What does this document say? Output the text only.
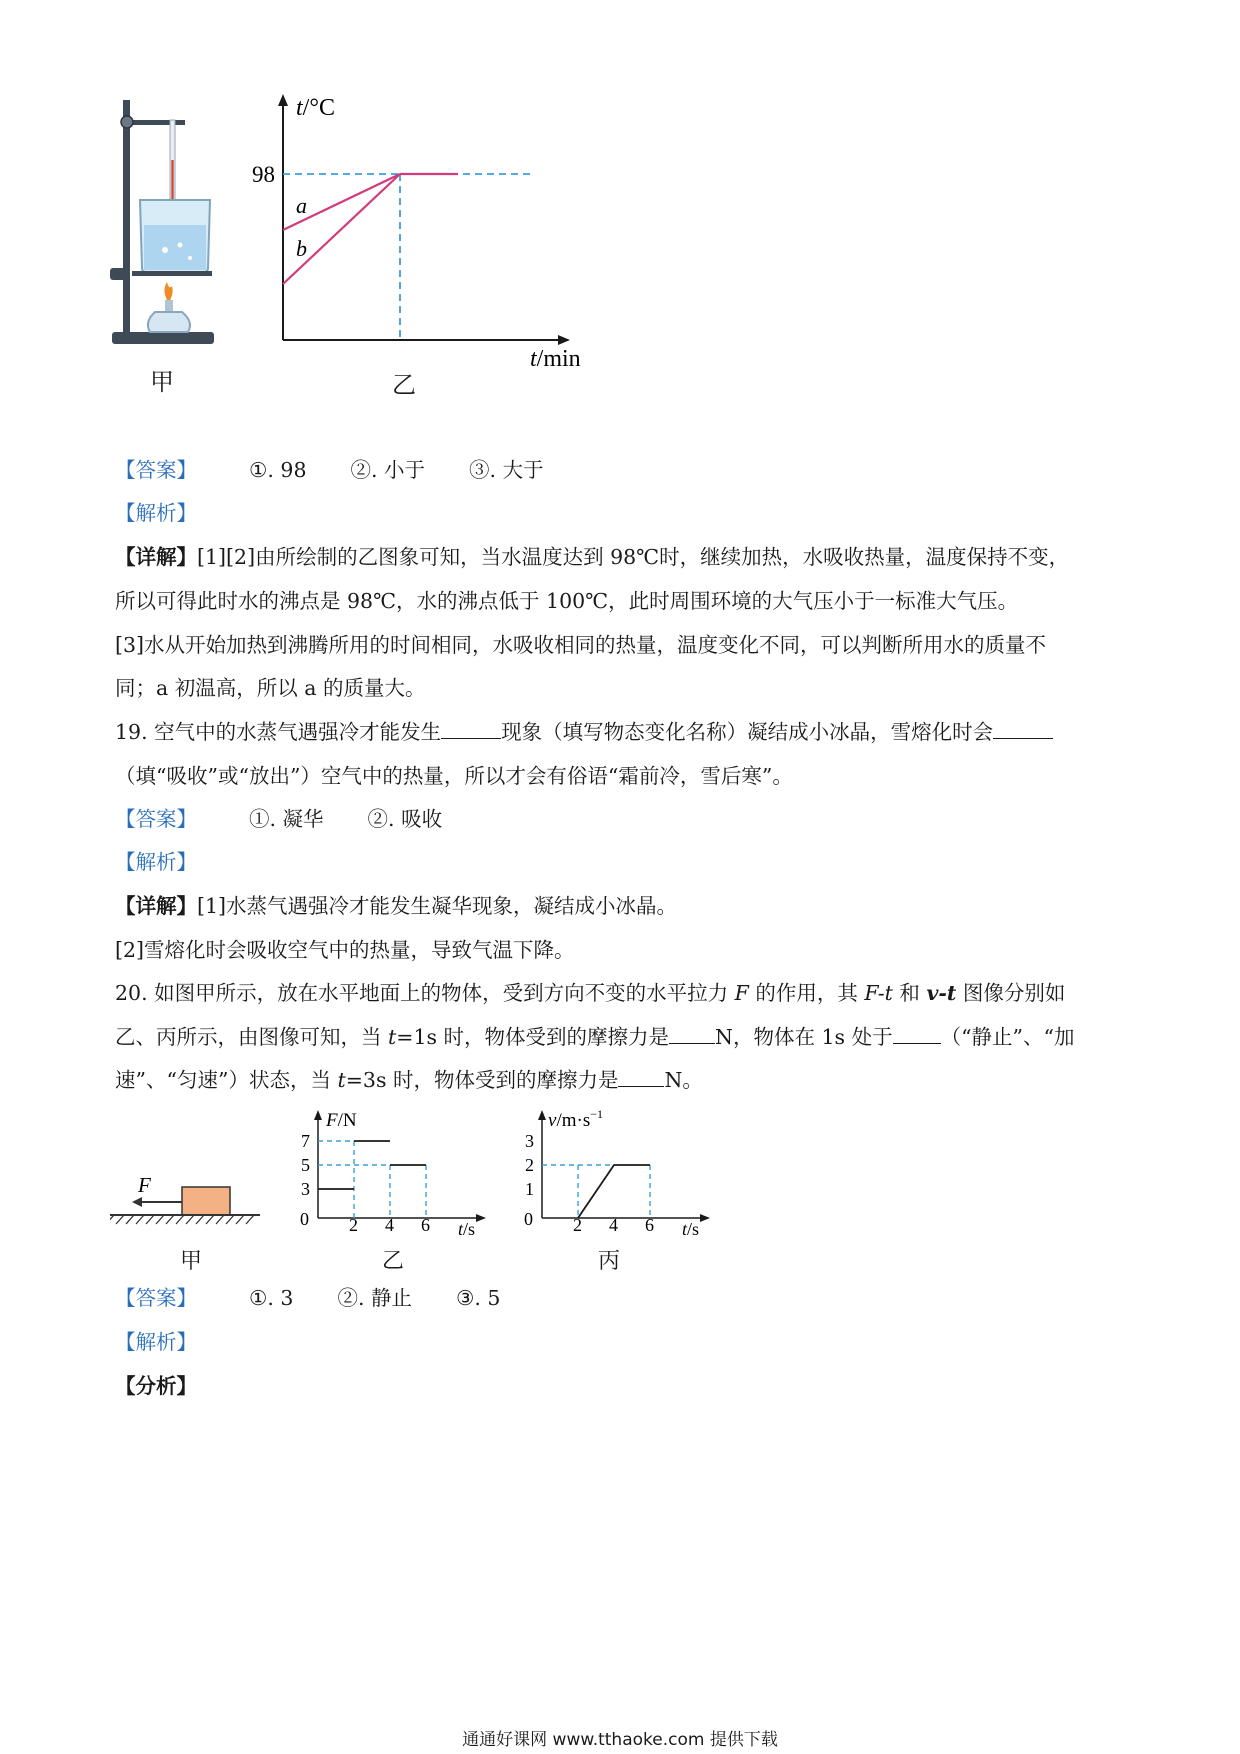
甲
t/°C
98
a
b
t/min
乙
【答案】	①. 98 ②. 小于 ③. 大于
【解析】
【详解】[1][2]由所绘制的乙图象可知，当水温度达到 98℃时，继续加热，水吸收热量，温度保持不变，
所以可得此时水的沸点是 98℃，水的沸点低于 100℃，此时周围环境的大气压小于一标准大气压。
[3]水从开始加热到沸腾所用的时间相同，水吸收相同的热量，温度变化不同，可以判断所用水的质量不
同；a 初温高，所以 a 的质量大。
19. 空气中的水蒸气遇强冷才能发生	现象（填写物态变化名称）凝结成小冰晶，雪熔化时会
（填“吸收”或“放出”）空气中的热量，所以才会有俗语“霜前冷，雪后寒”。
【答案】	①. 凝华 ②. 吸收
【解析】
【详解】[1]水蒸气遇强冷才能发生凝华现象，凝结成小冰晶。
[2]雪熔化时会吸收空气中的热量，导致气温下降。
20. 如图甲所示，放在水平地面上的物体，受到方向不变的水平拉力 F 的作用，其 F-t 和 v-t 图像分别如
乙、丙所示，由图像可知，当 t=1s 时，物体受到的摩擦力是 N，物体在 1s 处于 （“静止”、“加
速”、“匀速”）状态，当 t=3s 时，物体受到的摩擦力是 N。
F
甲
F/N
7
5
3
0 2 4 6 t/s
乙
$v/m\cdot s^{-1}$
3
2
1
0 2 4 6 t/s
丙
【答案】	①. 3 ②. 静止 ③. 5
【解析】
【分析】
通通好课网 www.tthaoke.com 提供下载
